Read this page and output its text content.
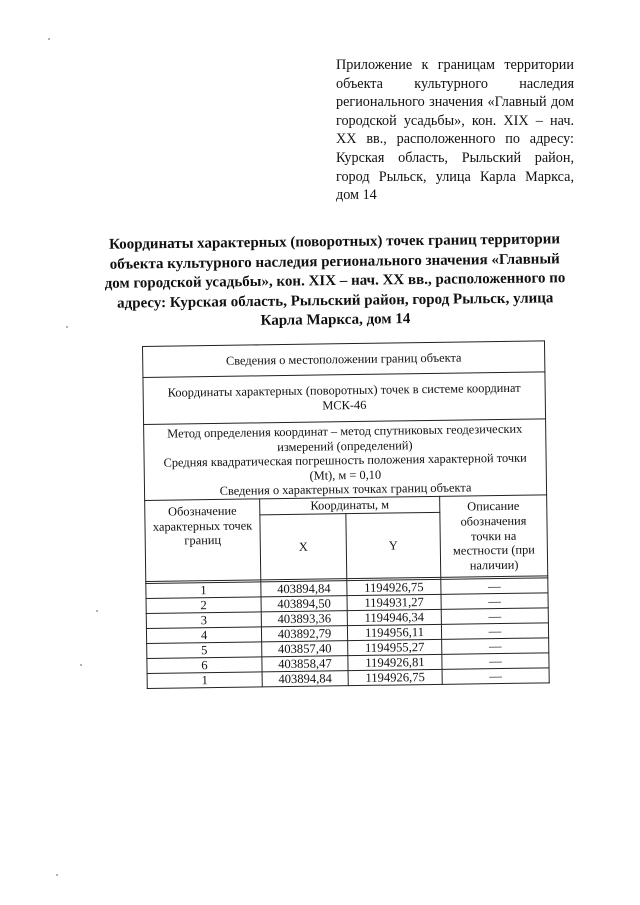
Приложение к границам территории объекта культурного наследия регионального значения «Главный дом городской усадьбы», кон. XIX – нач. XX вв., расположенного по адресу: Курская область, Рыльский район, город Рыльск, улица Карла Маркса, дом 14
Координаты характерных (поворотных) точек границ территории объекта культурного наследия регионального значения «Главный дом городской усадьбы», кон. XIX – нач. XX вв., расположенного по адресу: Курская область, Рыльский район, город Рыльск, улица Карла Маркса, дом 14
Сведения о местоположении границ объекта			
Координаты характерных (поворотных) точек в системе координат МСК-46			

Метод определения координат – метод спутниковых геодезических измерений (определений)
Средняя квадратическая погрешность положения характерной точки (Mt), м = 0,10
Сведения о характерных точках границ объекта			

Обозначение характерных точек границ	Координаты, м		Описание обозначения точки на местности (при наличии)
	X	Y	

1	403894,84	1194926,75	—
2	403894,50	1194931,27	—
3	403893,36	1194946,34	—
4	403892,79	1194956,11	—
5	403857,40	1194955,27	—
6	403858,47	1194926,81	—
1	403894,84	1194926,75	—
